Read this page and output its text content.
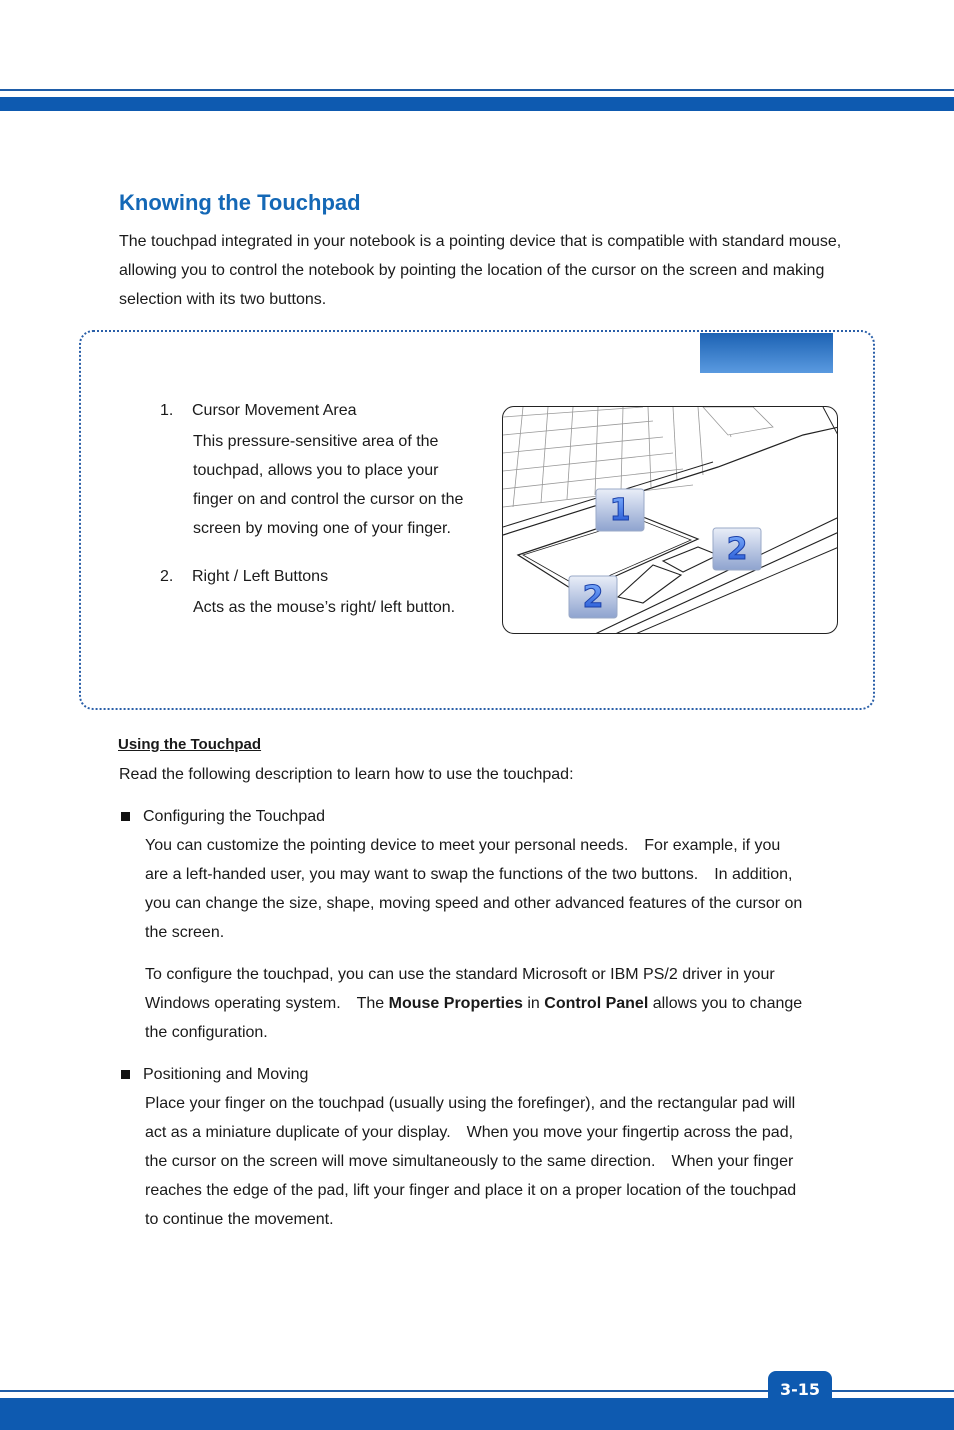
Knowing the Touchpad
The touchpad integrated in your notebook is a pointing device that is compatible with standard mouse, allowing you to control the notebook by pointing the location of the cursor on the screen and making selection with its two buttons.
1. Cursor Movement Area
This pressure-sensitive area of the
touchpad, allows you to place your
finger on and control the cursor on the
screen by moving one of your finger.
2. Right / Left Buttons
Acts as the mouse’s right/ left button.
1
2
2
Using the Touchpad
Read the following description to learn how to use the touchpad:
Configuring the Touchpad
You can customize the pointing device to meet your personal needs.　For example, if you
are a left-handed user, you may want to swap the functions of the two buttons.　In addition,
you can change the size, shape, moving speed and other advanced features of the cursor on
the screen.
To configure the touchpad, you can use the standard Microsoft or IBM PS/2 driver in your
Windows operating system.　The Mouse Properties in Control Panel allows you to change
the configuration.
Positioning and Moving
Place your finger on the touchpad (usually using the forefinger), and the rectangular pad will
act as a miniature duplicate of your display.　When you move your fingertip across the pad,
the cursor on the screen will move simultaneously to the same direction.　When your finger
reaches the edge of the pad, lift your finger and place it on a proper location of the touchpad
to continue the movement.
3-15
